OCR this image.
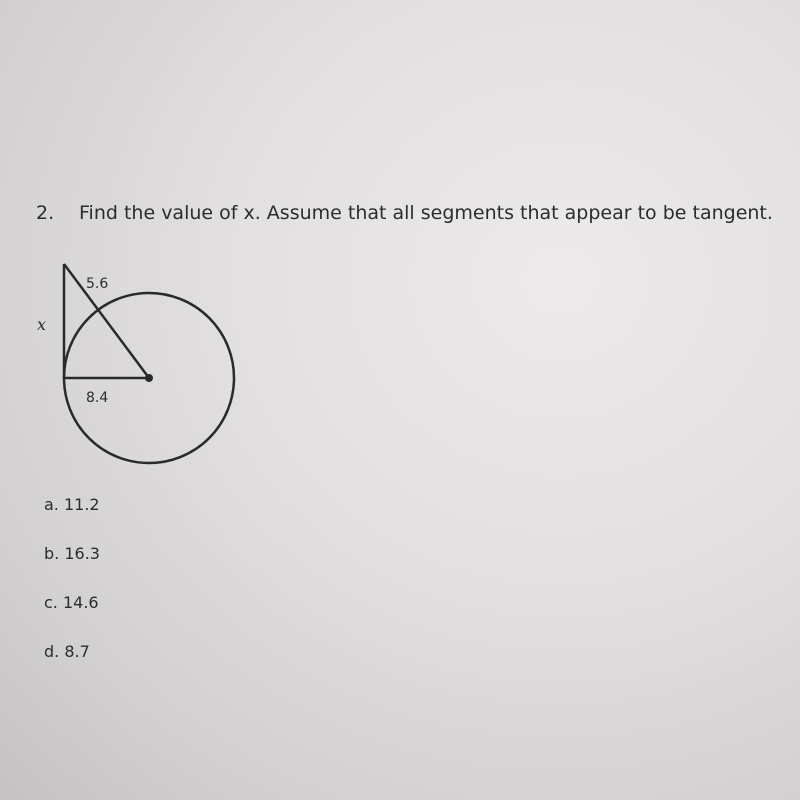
2. Find the value of x. Assume that all segments that appear to be tangent.
5.6
x
8.4
a. 11.2
b. 16.3
c. 14.6
d. 8.7
